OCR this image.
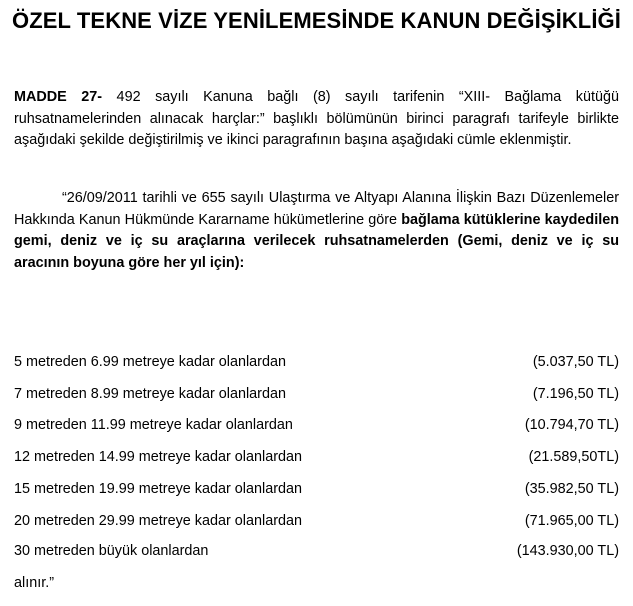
ÖZEL TEKNE VİZE YENİLEMESİNDE KANUN DEĞİŞİKLİĞİ
MADDE 27- 492 sayılı Kanuna bağlı (8) sayılı tarifenin “XIII- Bağlama kütüğü ruhsatnamelerinden alınacak harçlar:” başlıklı bölümünün birinci paragrafı tarifeyle birlikte aşağıdaki şekilde değiştirilmiş ve ikinci paragrafının başına aşağıdaki cümle eklenmiştir.
“26/09/2011 tarihli ve 655 sayılı Ulaştırma ve Altyapı Alanına İlişkin Bazı Düzenlemeler Hakkında Kanun Hükmünde Kararname hükümetlerine göre bağlama kütüklerine kaydedilen gemi, deniz ve iç su araçlarına verilecek ruhsatnamelerden (Gemi, deniz ve iç su aracının boyuna göre her yıl için):
5 metreden 6.99 metreye kadar olanlardan	(5.037,50 TL)
7 metreden 8.99 metreye kadar olanlardan	(7.196,50 TL)
9 metreden 11.99 metreye kadar olanlardan	(10.794,70 TL)
12 metreden 14.99 metreye kadar olanlardan	(21.589,50TL)
15 metreden 19.99 metreye kadar olanlardan	(35.982,50 TL)
20 metreden 29.99 metreye kadar olanlardan	(71.965,00 TL)
30 metreden büyük olanlardan	(143.930,00 TL)
alınır.”
